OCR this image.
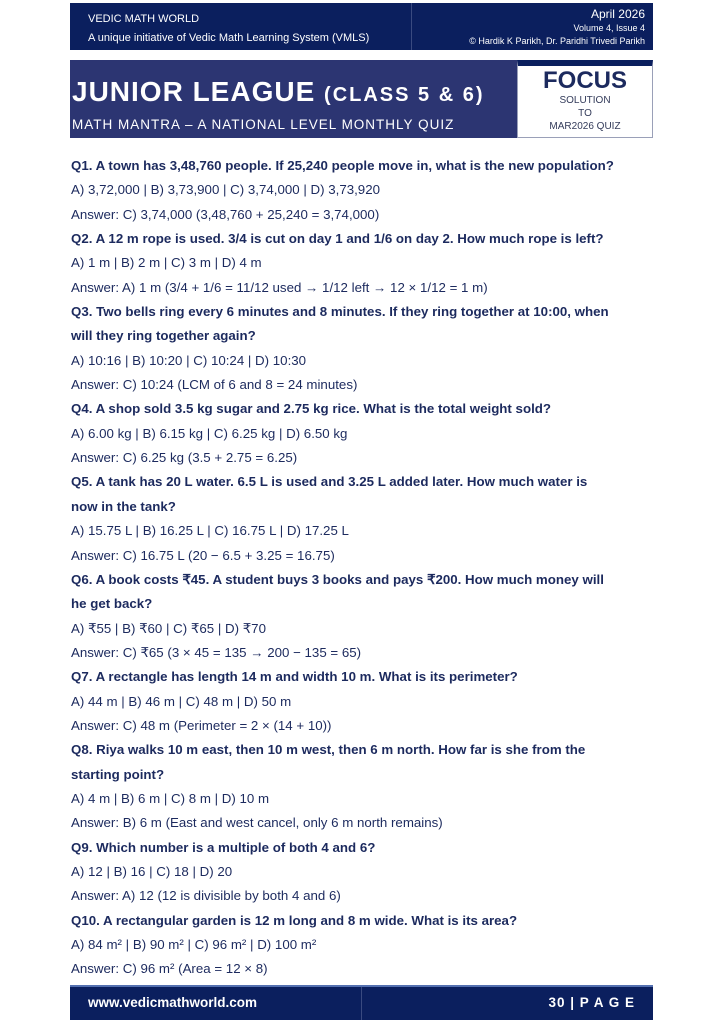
VEDIC MATH WORLD
A unique initiative of Vedic Math Learning System (VMLS)
April 2026
Volume 4, Issue 4
© Hardik K Parikh, Dr. Paridhi Trivedi Parikh
JUNIOR LEAGUE (CLASS 5 & 6)
MATH MANTRA – A NATIONAL LEVEL MONTHLY QUIZ
FOCUS
SOLUTION
TO
MAR2026 QUIZ
Q1. A town has 3,48,760 people. If 25,240 people move in, what is the new population?
A) 3,72,000 | B) 3,73,900 | C) 3,74,000 | D) 3,73,920
Answer: C) 3,74,000 (3,48,760 + 25,240 = 3,74,000)
Q2. A 12 m rope is used. 3/4 is cut on day 1 and 1/6 on day 2. How much rope is left?
A) 1 m | B) 2 m | C) 3 m | D) 4 m
Answer: A) 1 m (3/4 + 1/6 = 11/12 used → 1/12 left → 12 × 1/12 = 1 m)
Q3. Two bells ring every 6 minutes and 8 minutes. If they ring together at 10:00, when
will they ring together again?
A) 10:16 | B) 10:20 | C) 10:24 | D) 10:30
Answer: C) 10:24 (LCM of 6 and 8 = 24 minutes)
Q4. A shop sold 3.5 kg sugar and 2.75 kg rice. What is the total weight sold?
A) 6.00 kg | B) 6.15 kg | C) 6.25 kg | D) 6.50 kg
Answer: C) 6.25 kg (3.5 + 2.75 = 6.25)
Q5. A tank has 20 L water. 6.5 L is used and 3.25 L added later. How much water is
now in the tank?
A) 15.75 L | B) 16.25 L | C) 16.75 L | D) 17.25 L
Answer: C) 16.75 L (20 − 6.5 + 3.25 = 16.75)
Q6. A book costs ₹45. A student buys 3 books and pays ₹200. How much money will
he get back?
A) ₹55 | B) ₹60 | C) ₹65 | D) ₹70
Answer: C) ₹65 (3 × 45 = 135 → 200 − 135 = 65)
Q7. A rectangle has length 14 m and width 10 m. What is its perimeter?
A) 44 m | B) 46 m | C) 48 m | D) 50 m
Answer: C) 48 m (Perimeter = 2 × (14 + 10))
Q8. Riya walks 10 m east, then 10 m west, then 6 m north. How far is she from the
starting point?
A) 4 m | B) 6 m | C) 8 m | D) 10 m
Answer: B) 6 m (East and west cancel, only 6 m north remains)
Q9. Which number is a multiple of both 4 and 6?
A) 12 | B) 16 | C) 18 | D) 20
Answer: A) 12 (12 is divisible by both 4 and 6)
Q10. A rectangular garden is 12 m long and 8 m wide. What is its area?
A) 84 m² | B) 90 m² | C) 96 m² | D) 100 m²
Answer: C) 96 m² (Area = 12 × 8)
www.vedicmathworld.com	30 | P A G E
